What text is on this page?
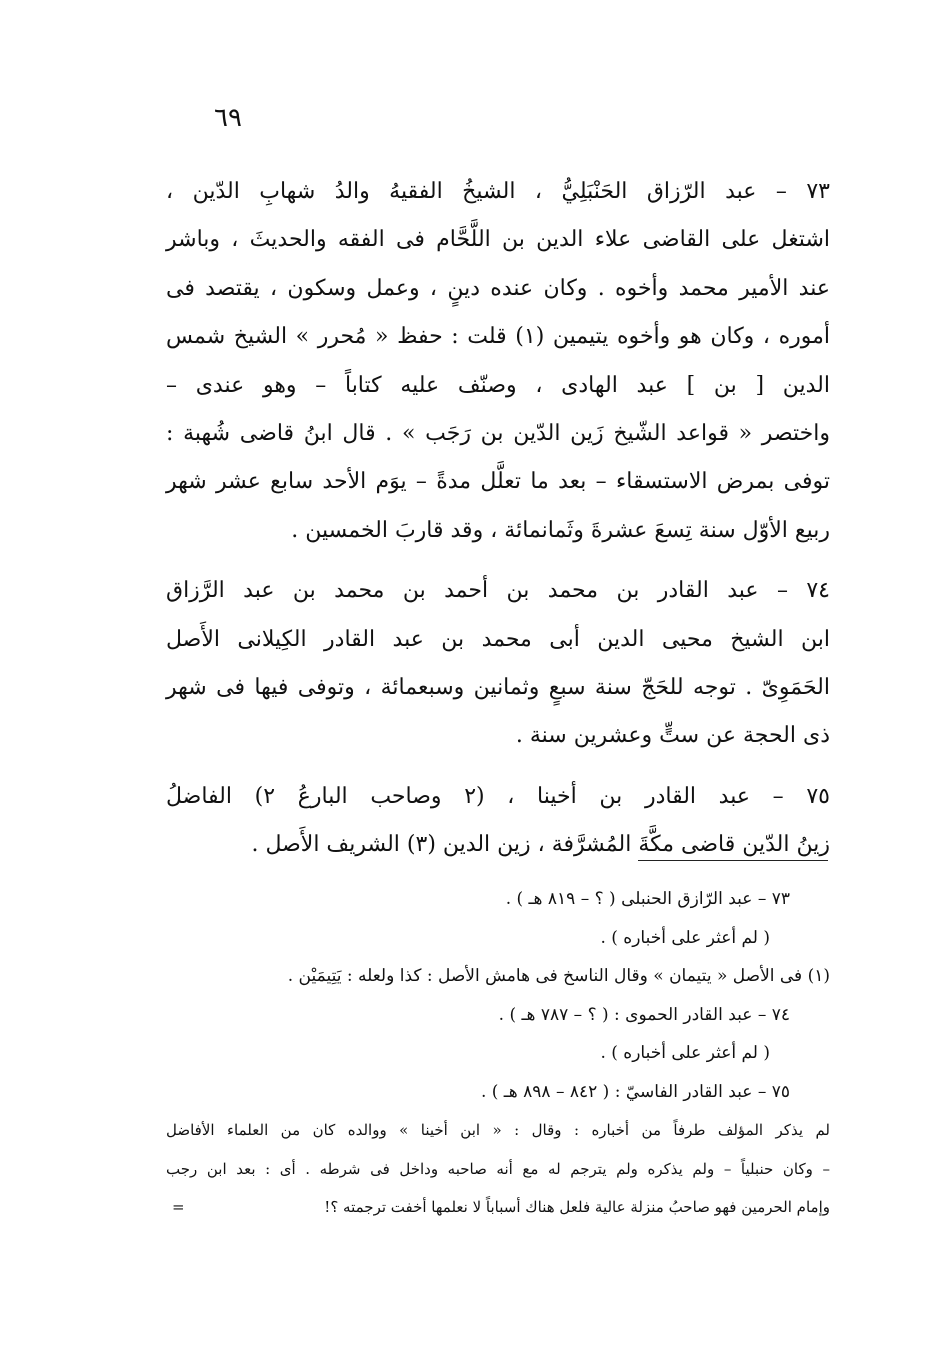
٦٩
٧٣ – عبد الرّزاق الحَنْبَلِيُّ ، الشيخُ الفقيهُ والدُ شهابِ الدّين ،
اشتغل على القاضى علاء الدين بن اللَّحَّام فى الفقه والحديثَ ، وباشر
عند الأمير محمد وأخوه . وكان عنده دينٍ ، وعمل وسكون ، يقتصد فى
أموره ، وكان هو وأخوه يتيمين (١) قلت : حفظ « مُحرر » الشيخ شمس
الدين [ بن ] عبد الهادى ، وصنّف عليه كتاباً – وهو عندى –
واختصر « قواعد الشّيخ زَين الدّين بن رَجَب » . قال ابنُ قاضى شُهبة :
توفى بمرض الاستسقاء – بعد ما تعلَّل مدةً – يوَم الأحد سابع عشر شهر
ربيع الأوّل سنة تِسعَ عشرةَ وثَمانمائة ، وقد قاربَ الخمسين .
٧٤ – عبد القادر بن محمد بن أحمد بن محمد بن عبد الرَّزاق
ابن الشيخ محيى الدين أبى محمد بن عبد القادر الكِيلانى الأَصل
الحَمَوِىّ . توجه للحَجّ سنة سبعٍ وثمانين وسبعمائة ، وتوفى فيها فى شهر
ذى الحجة عن ستٍّ وعشرين سنة .
٧٥ – عبد القادر بن أخينا ، (٢ وصاحب البارعُ ٢) الفاضلُ
زينُ الدّين قاضى مكَّةَ المُشرَّفة ، زين الدين (٣) الشريف الأَصل .
٧٣ – عبد الرّازق الحنبلى ( ؟ – ٨١٩ هـ ) .
( لم أعثر على أخباره ) .
(١) فى الأصل « يتيمان » وقال الناسخ فى هامش الأصل : كذا ولعله : يَتِيمَيْن .
٧٤ – عبد القادر الحموى : ( ؟ – ٧٨٧ هـ ) .
( لم أعثر على أخباره ) .
٧٥ – عبد القادر الفاسيّ : ( ٨٤٢ – ٨٩٨ هـ ) .
لم يذكر المؤلف طرفاً من أخباره : وقال : « ابن أخينا » ووالده كان من العلماء الأفاضل
– وكان حنبلياً – ولم يذكره ولم يترجم له مع أنه صاحبه وداخل فى شرطه . أى : بعد ابن رجب
=	وإمام الحرمين فهو صاحبُ منزلة عالية فلعل هناك أسباباً لا نعلمها أخفت ترجمته ؟!
